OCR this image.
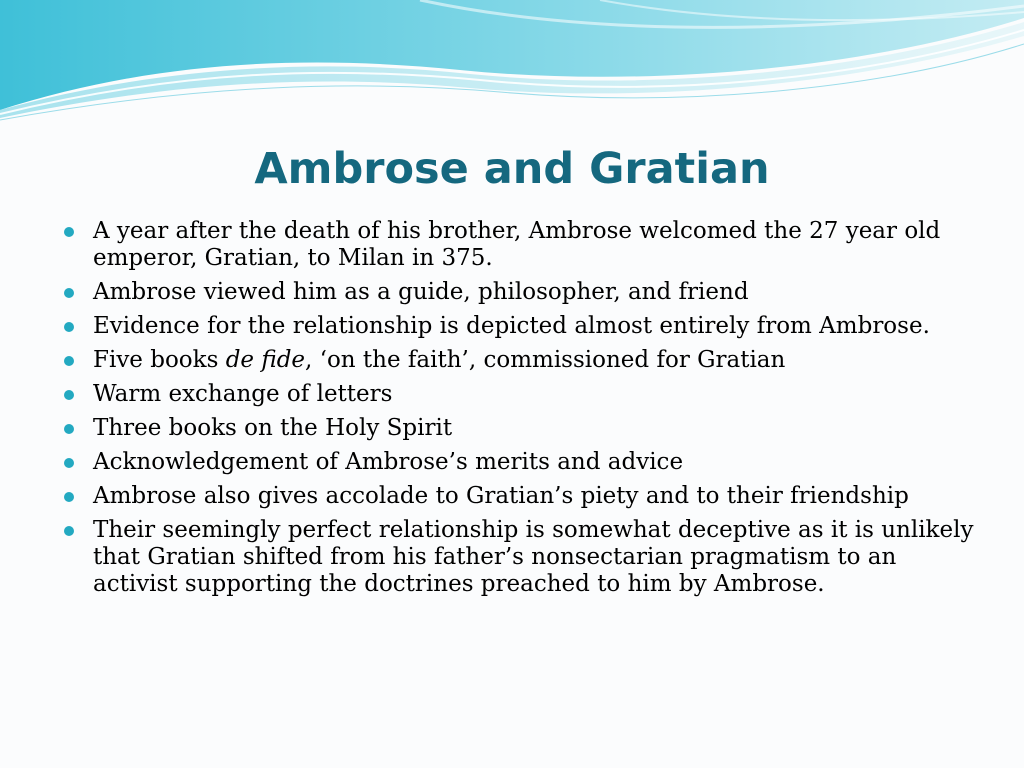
Ambrose and Gratian
A year after the death of his brother, Ambrose welcomed the 27 year old emperor, Gratian, to Milan in 375.
Ambrose viewed him as a guide, philosopher, and friend
Evidence for the relationship is depicted almost entirely from Ambrose.
Five books de fide, ‘on the faith’, commissioned for Gratian
Warm exchange of letters
Three books on the Holy Spirit
Acknowledgement of Ambrose’s merits and advice
Ambrose also gives accolade to Gratian’s piety and to their friendship
Their seemingly perfect relationship is somewhat deceptive as it is unlikely that Gratian shifted from his father’s nonsectarian pragmatism to an activist supporting the doctrines preached to him by Ambrose.
